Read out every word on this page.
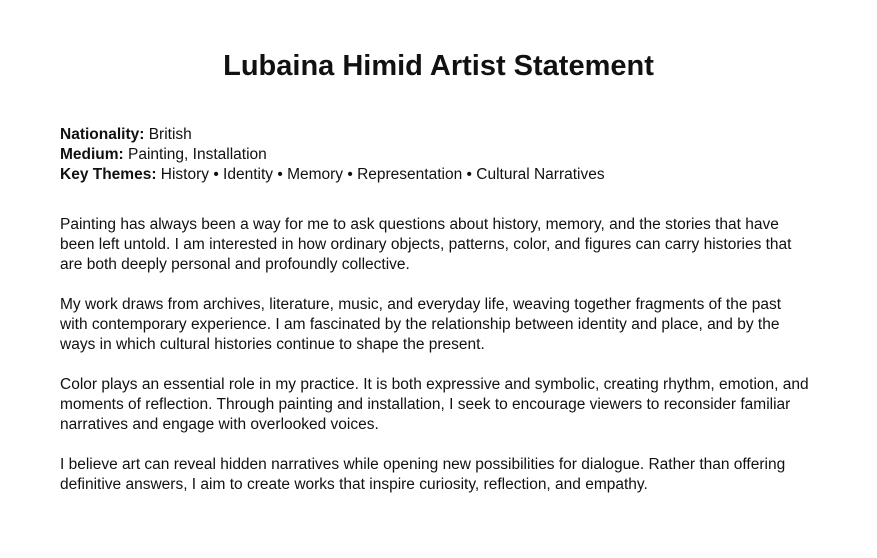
Lubaina Himid Artist Statement
Nationality: British
Medium: Painting, Installation
Key Themes: History • Identity • Memory • Representation • Cultural Narratives

Painting has always been a way for me to ask questions about history, memory, and the stories that have been left untold. I am interested in how ordinary objects, patterns, color, and figures can carry histories that are both deeply personal and profoundly collective.

My work draws from archives, literature, music, and everyday life, weaving together fragments of the past with contemporary experience. I am fascinated by the relationship between identity and place, and by the ways in which cultural histories continue to shape the present.

Color plays an essential role in my practice. It is both expressive and symbolic, creating rhythm, emotion, and moments of reflection. Through painting and installation, I seek to encourage viewers to reconsider familiar narratives and engage with overlooked voices.

I believe art can reveal hidden narratives while opening new possibilities for dialogue. Rather than offering definitive answers, I aim to create works that inspire curiosity, reflection, and empathy.
